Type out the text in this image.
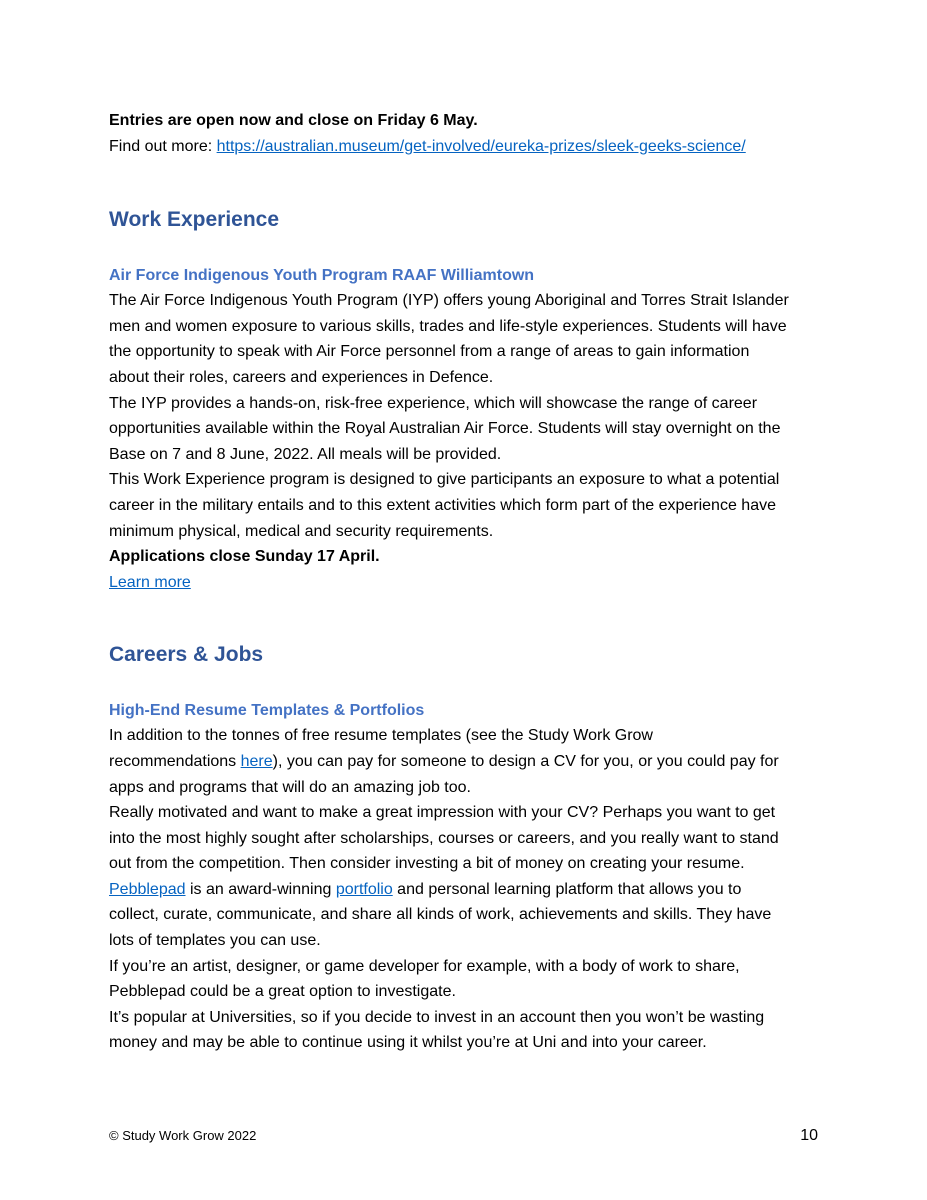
Entries are open now and close on Friday 6 May.

Find out more: https://australian.museum/get-involved/eureka-prizes/sleek-geeks-science/

Work Experience
Air Force Indigenous Youth Program RAAF Williamtown

The Air Force Indigenous Youth Program (IYP) offers young Aboriginal and Torres Strait Islander

men and women exposure to various skills, trades and life-style experiences. Students will have

the opportunity to speak with Air Force personnel from a range of areas to gain information

about their roles, careers and experiences in Defence.

The IYP provides a hands-on, risk-free experience, which will showcase the range of career

opportunities available within the Royal Australian Air Force. Students will stay overnight on the

Base on 7 and 8 June, 2022. All meals will be provided.

This Work Experience program is designed to give participants an exposure to what a potential

career in the military entails and to this extent activities which form part of the experience have

minimum physical, medical and security requirements.

Applications close Sunday 17 April.

Learn more

Careers & Jobs
High-End Resume Templates & Portfolios

In addition to the tonnes of free resume templates (see the Study Work Grow

recommendations here), you can pay for someone to design a CV for you, or you could pay for

apps and programs that will do an amazing job too.

Really motivated and want to make a great impression with your CV? Perhaps you want to get

into the most highly sought after scholarships, courses or careers, and you really want to stand

out from the competition. Then consider investing a bit of money on creating your resume.

Pebblepad is an award-winning portfolio and personal learning platform that allows you to

collect, curate, communicate, and share all kinds of work, achievements and skills. They have

lots of templates you can use.

If you’re an artist, designer, or game developer for example, with a body of work to share,

Pebblepad could be a great option to investigate.

It’s popular at Universities, so if you decide to invest in an account then you won’t be wasting

money and may be able to continue using it whilst you’re at Uni and into your career.

© Study Work Grow 2022	10
